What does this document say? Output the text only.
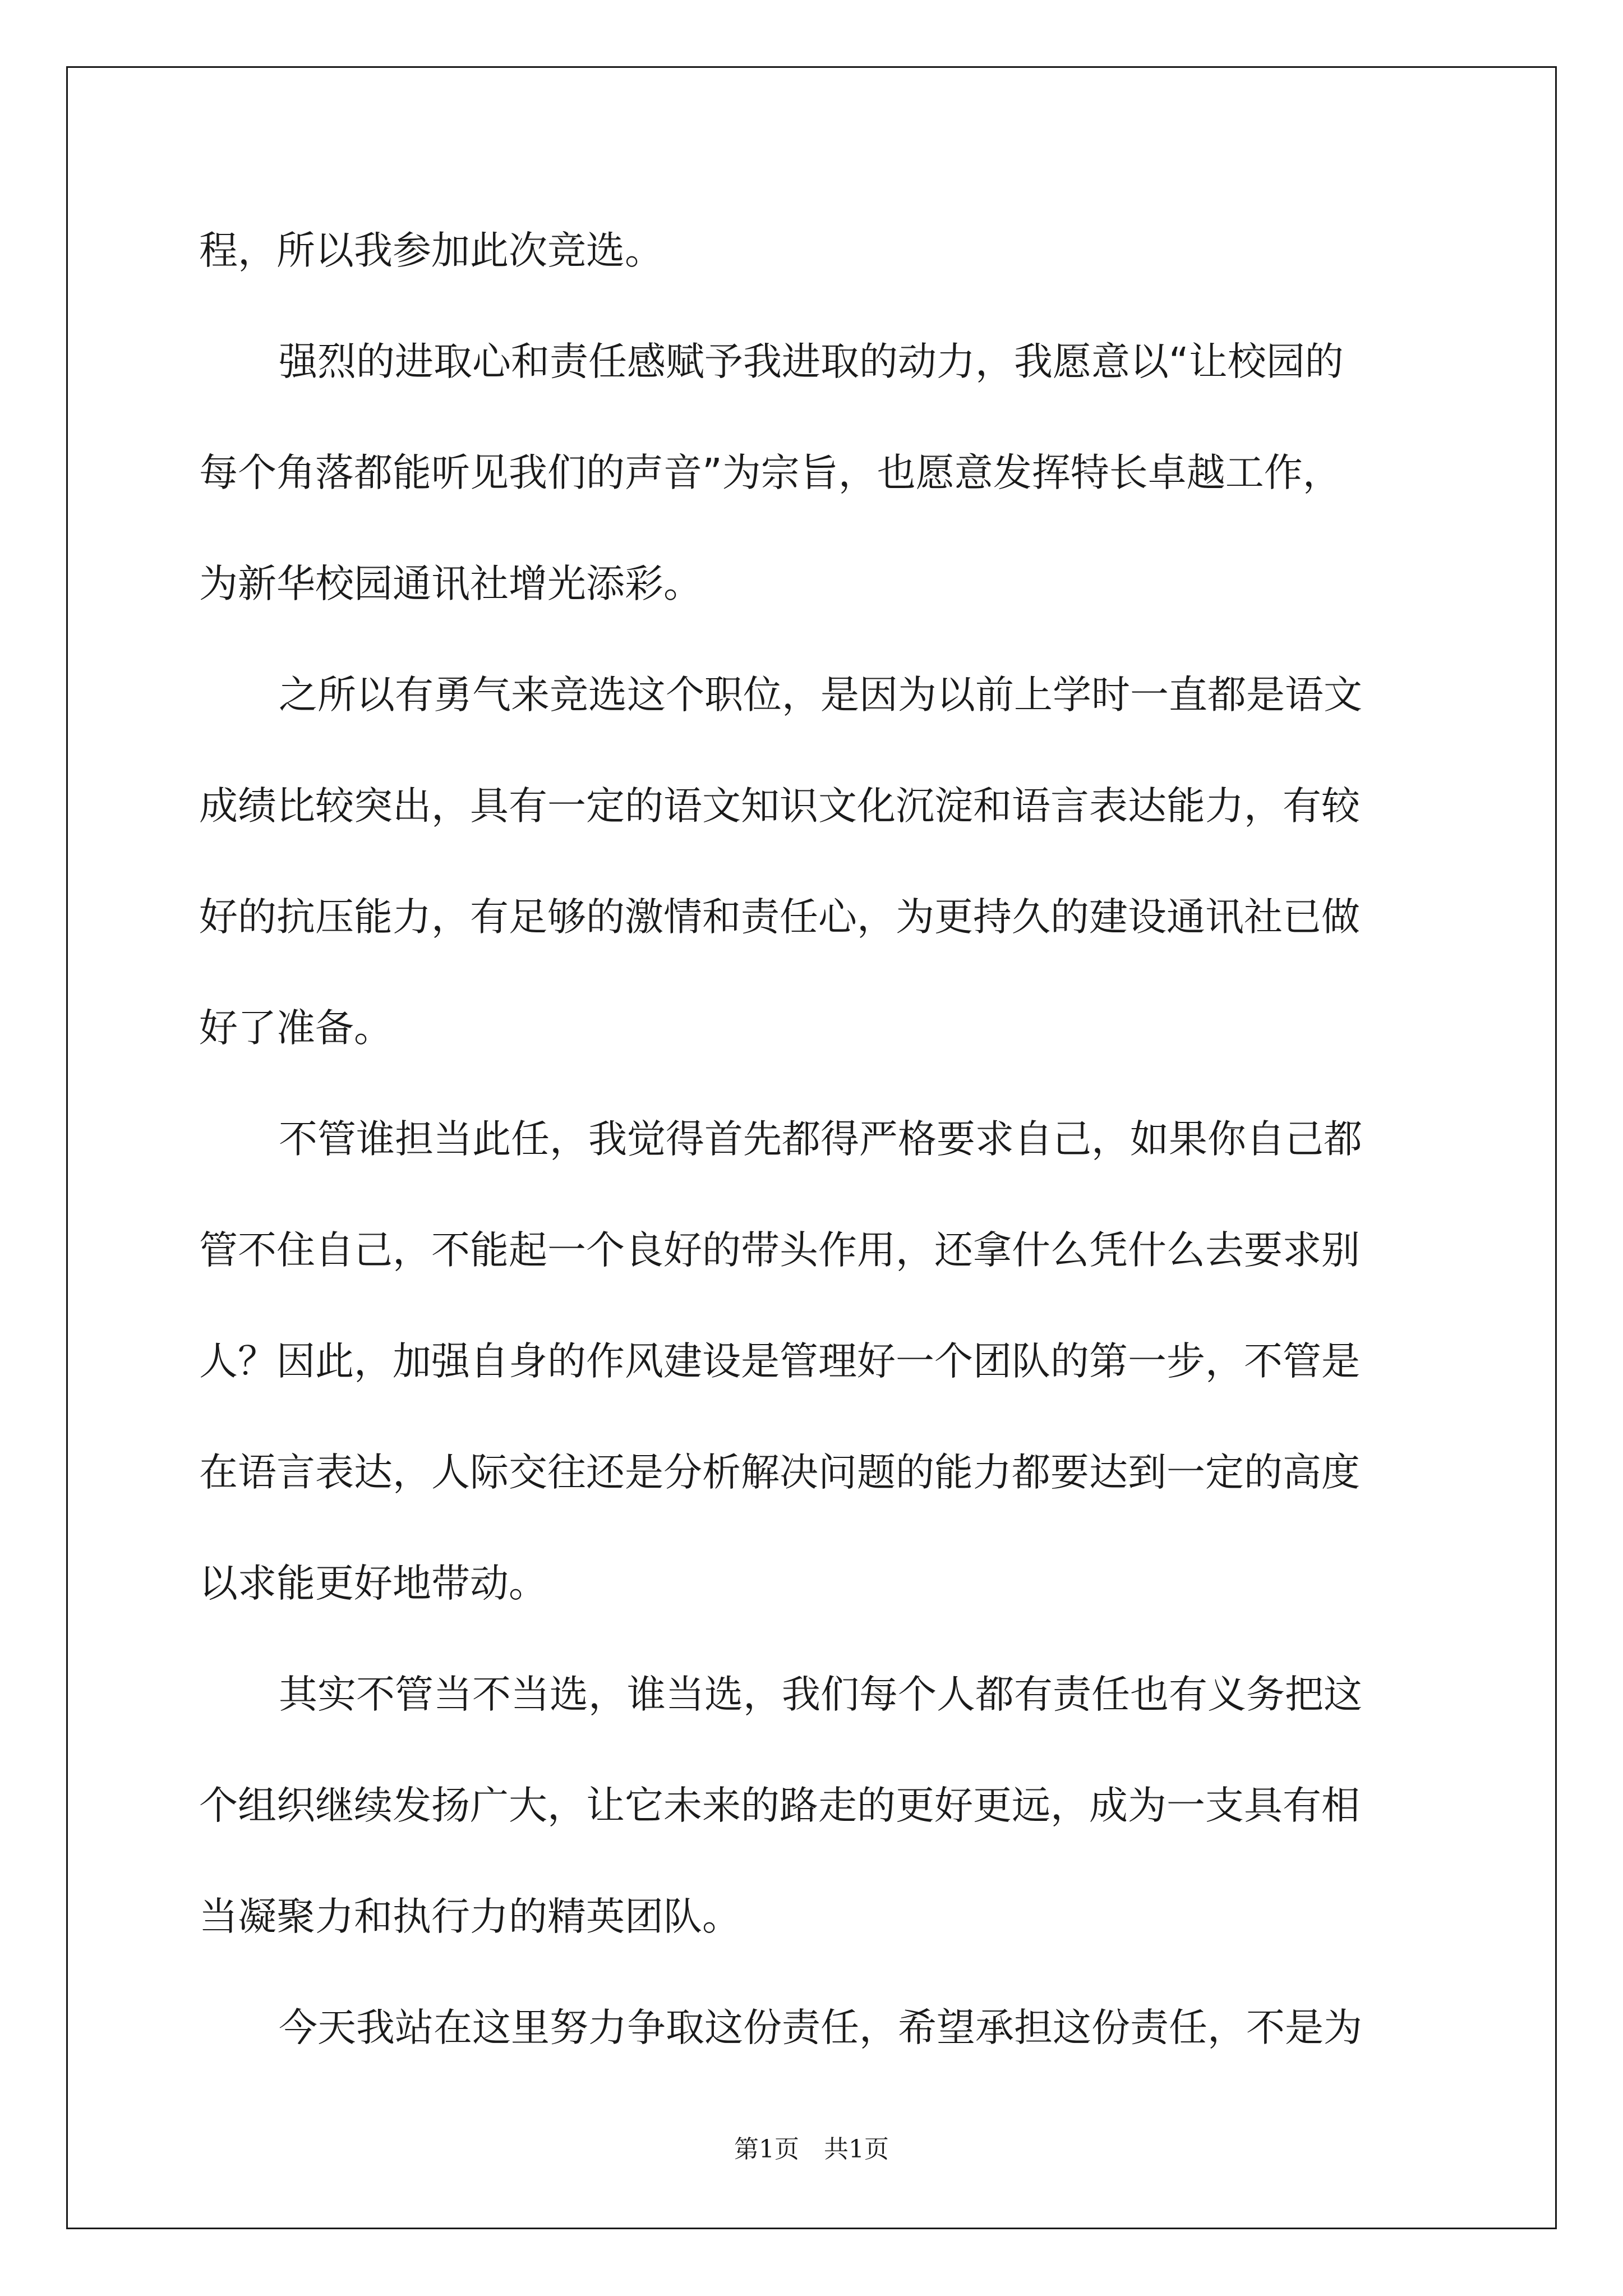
程，所以我参加此次竞选。
强烈的进取心和责任感赋予我进取的动力，我愿意以“让校园的
每个角落都能听见我们的声音”为宗旨，也愿意发挥特长卓越工作，
为新华校园通讯社增光添彩。
之所以有勇气来竞选这个职位，是因为以前上学时一直都是语文
成绩比较突出，具有一定的语文知识文化沉淀和语言表达能力，有较
好的抗压能力，有足够的激情和责任心，为更持久的建设通讯社已做
好了准备。
不管谁担当此任，我觉得首先都得严格要求自己，如果你自己都
管不住自己，不能起一个良好的带头作用，还拿什么凭什么去要求别
人？因此，加强自身的作风建设是管理好一个团队的第一步，不管是
在语言表达，人际交往还是分析解决问题的能力都要达到一定的高度
以求能更好地带动。
其实不管当不当选，谁当选，我们每个人都有责任也有义务把这
个组织继续发扬广大，让它未来的路走的更好更远，成为一支具有相
当凝聚力和执行力的精英团队。
今天我站在这里努力争取这份责任，希望承担这份责任，不是为
第1页　共1页
